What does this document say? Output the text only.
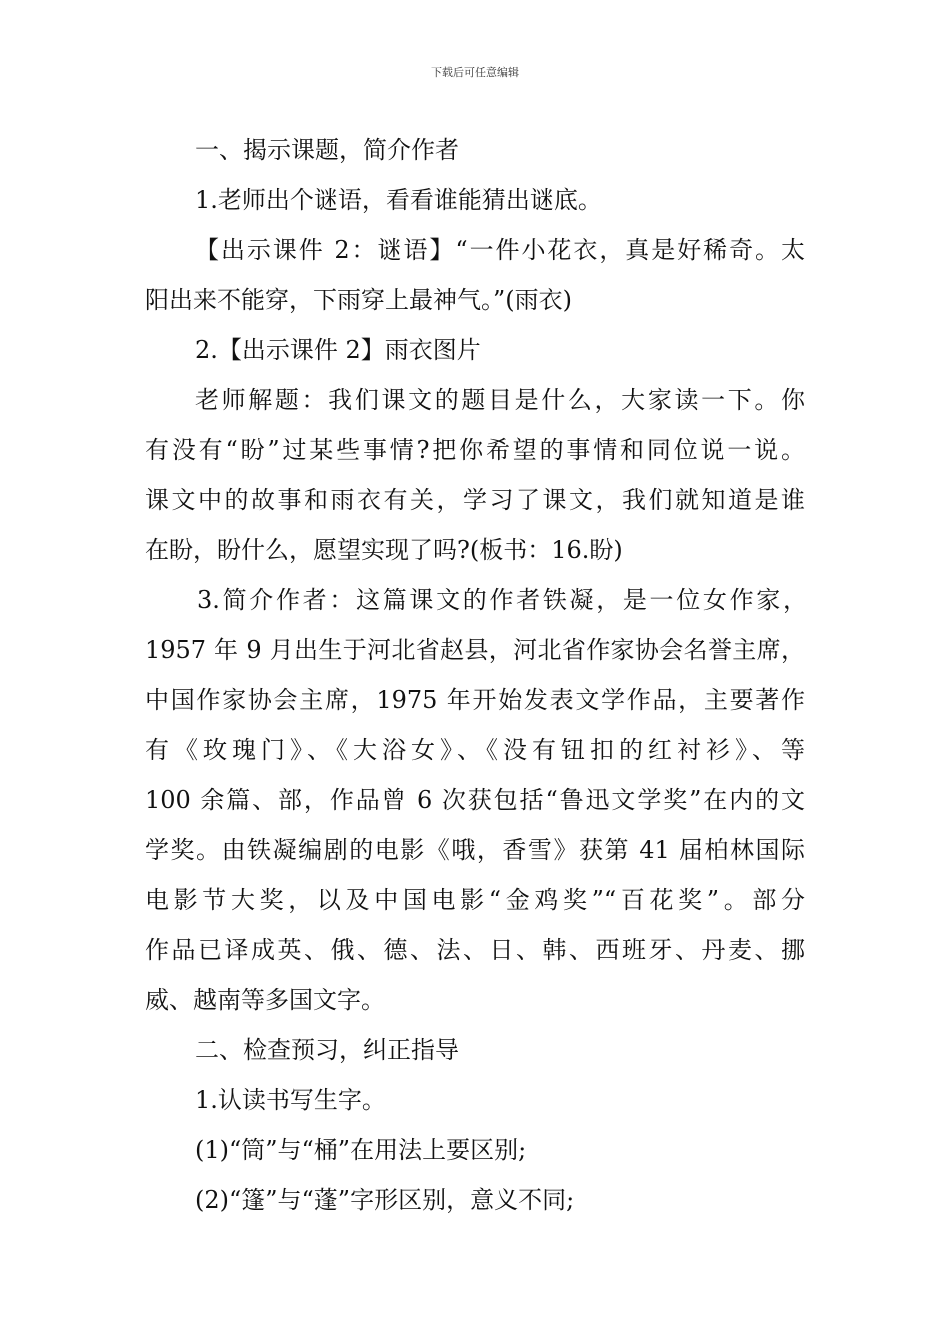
下载后可任意编辑
一、揭示课题，简介作者
1.老师出个谜语，看看谁能猜出谜底。
【出示课件 2：谜语】“一件小花衣，真是好稀奇。太
阳出来不能穿，下雨穿上最神气。”(雨衣)
2.【出示课件 2】雨衣图片
老师解题：我们课文的题目是什么，大家读一下。你
有没有“盼”过某些事情?把你希望的事情和同位说一说。
课文中的故事和雨衣有关，学习了课文，我们就知道是谁
在盼，盼什么，愿望实现了吗?(板书：16.盼)
3.简介作者：这篇课文的作者铁凝，是一位女作家，
1957 年 9 月出生于河北省赵县，河北省作家协会名誉主席，
中国作家协会主席，1975 年开始发表文学作品，主要著作
有《玫瑰门》、《大浴女》、《没有钮扣的红衬衫》、等
100 余篇、部，作品曾 6 次获包括“鲁迅文学奖”在内的文
学奖。由铁凝编剧的电影《哦，香雪》获第 41 届柏林国际
电影节大奖，以及中国电影“金鸡奖”“百花奖”。部分
作品已译成英、俄、德、法、日、韩、西班牙、丹麦、挪
威、越南等多国文字。
二、检查预习，纠正指导
1.认读书写生字。
(1)“筒”与“桶”在用法上要区别;
(2)“篷”与“蓬”字形区别，意义不同;
